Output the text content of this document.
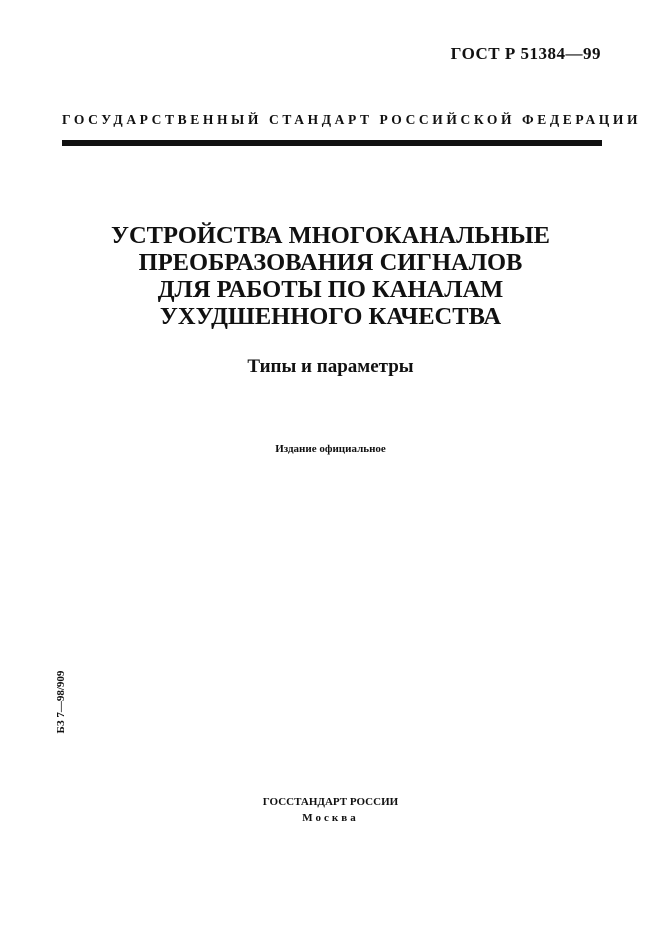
ГОСТ Р 51384—99
ГОСУДАРСТВЕННЫЙ СТАНДАРТ РОССИЙСКОЙ ФЕДЕРАЦИИ
УСТРОЙСТВА МНОГОКАНАЛЬНЫЕ
ПРЕОБРАЗОВАНИЯ СИГНАЛОВ
ДЛЯ РАБОТЫ ПО КАНАЛАМ
УХУДШЕННОГО КАЧЕСТВА
Типы и параметры
Издание официальное
БЗ 7—98/909
ГОССТАНДАРТ РОССИИ
Москва
